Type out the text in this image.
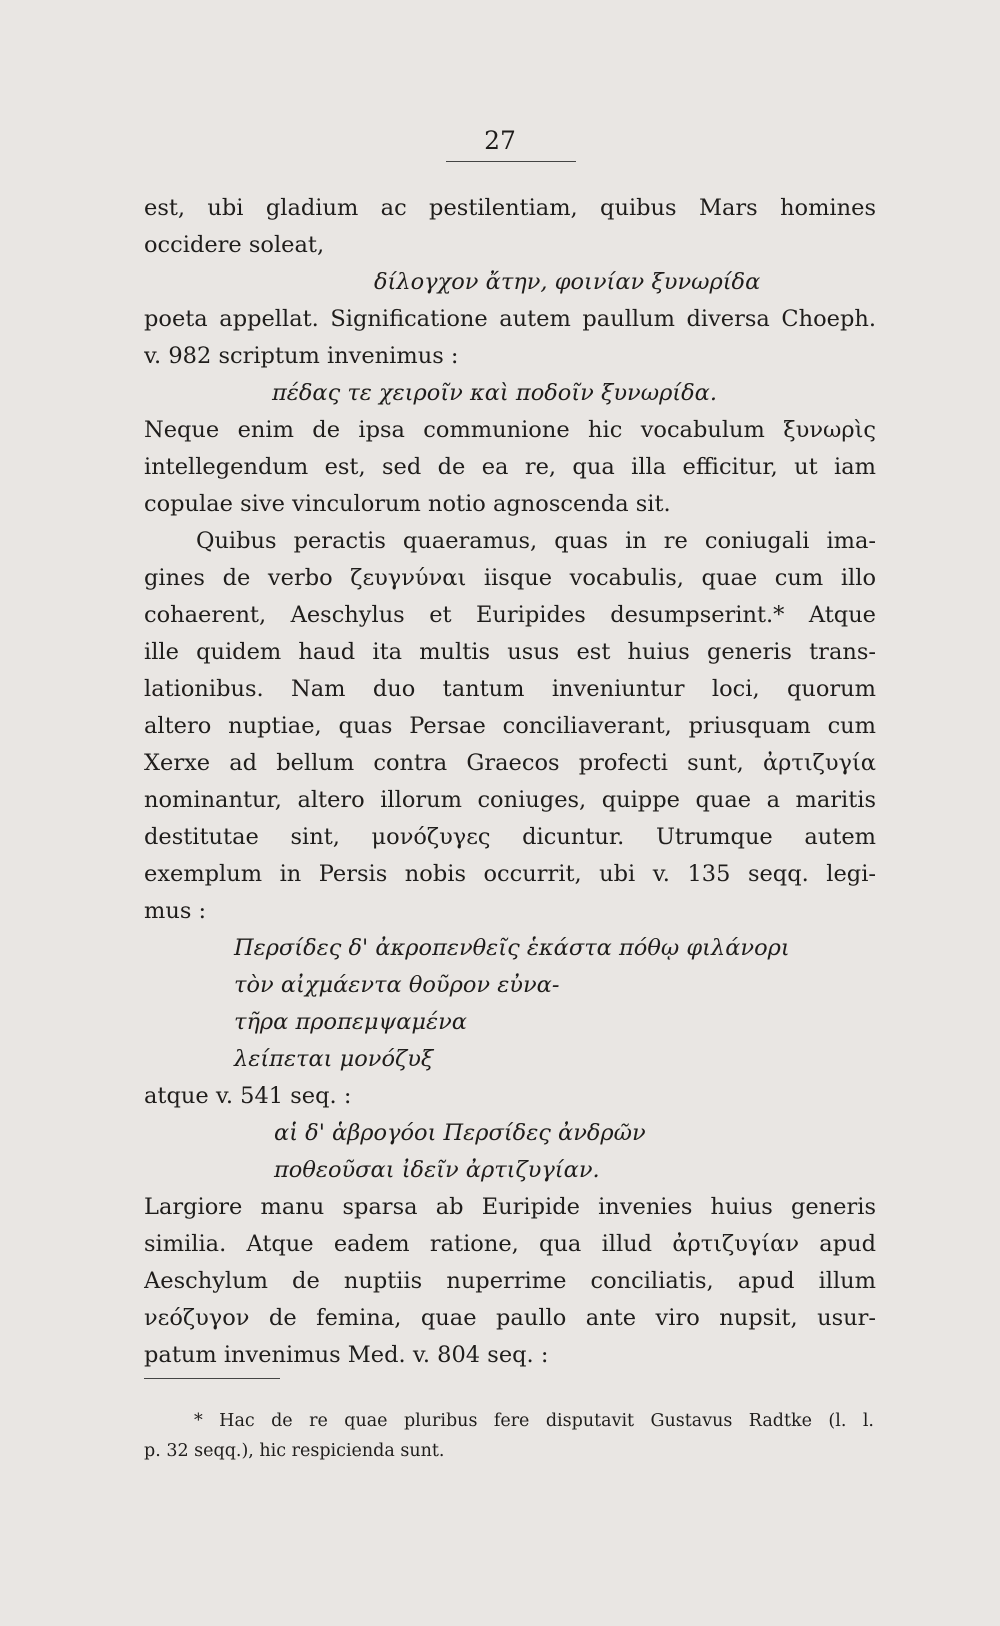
27
est, ubi gladium ac pestilentiam, quibus Mars homines
occidere soleat,
δίλογχον ἄτην, φοινίαν ξυνωρίδα
poeta appellat. Significatione autem paullum diversa Choeph.
v. 982 scriptum invenimus :
πέδας τε χειροῖν καὶ ποδοῖν ξυνωρίδα.
Neque enim de ipsa communione hic vocabulum ξυνωρὶς
intellegendum est, sed de ea re, qua illa efficitur, ut iam
copulae sive vinculorum notio agnoscenda sit.
Quibus peractis quaeramus, quas in re coniugali ima-
gines de verbo ζευγνύναι iisque vocabulis, quae cum illo
cohaerent, Aeschylus et Euripides desumpserint.* Atque
ille quidem haud ita multis usus est huius generis trans-
lationibus. Nam duo tantum inveniuntur loci, quorum
altero nuptiae, quas Persae conciliaverant, priusquam cum
Xerxe ad bellum contra Graecos profecti sunt, ἀρτιζυγία
nominantur, altero illorum coniuges, quippe quae a maritis
destitutae sint, μονόζυγες dicuntur. Utrumque autem
exemplum in Persis nobis occurrit, ubi v. 135 seqq. legi-
mus :
Περσίδες δ' ἀκροπενθεῖς ἑκάστα πόθῳ φιλάνορι
τὸν αἰχμάεντα θοῦρον εὐνα-
τῆρα προπεμψαμένα
λείπεται μονόζυξ
atque v. 541 seq. :
αἱ δ' ἁβρογόοι Περσίδες ἀνδρῶν
ποθεοῦσαι ἰδεῖν ἀρτιζυγίαν.
Largiore manu sparsa ab Euripide invenies huius generis
similia. Atque eadem ratione, qua illud ἀρτιζυγίαν apud
Aeschylum de nuptiis nuperrime conciliatis, apud illum
νεόζυγον de femina, quae paullo ante viro nupsit, usur-
patum invenimus Med. v. 804 seq. :
* Hac de re quae pluribus fere disputavit Gustavus Radtke (l. l.
p. 32 seqq.), hic respicienda sunt.
